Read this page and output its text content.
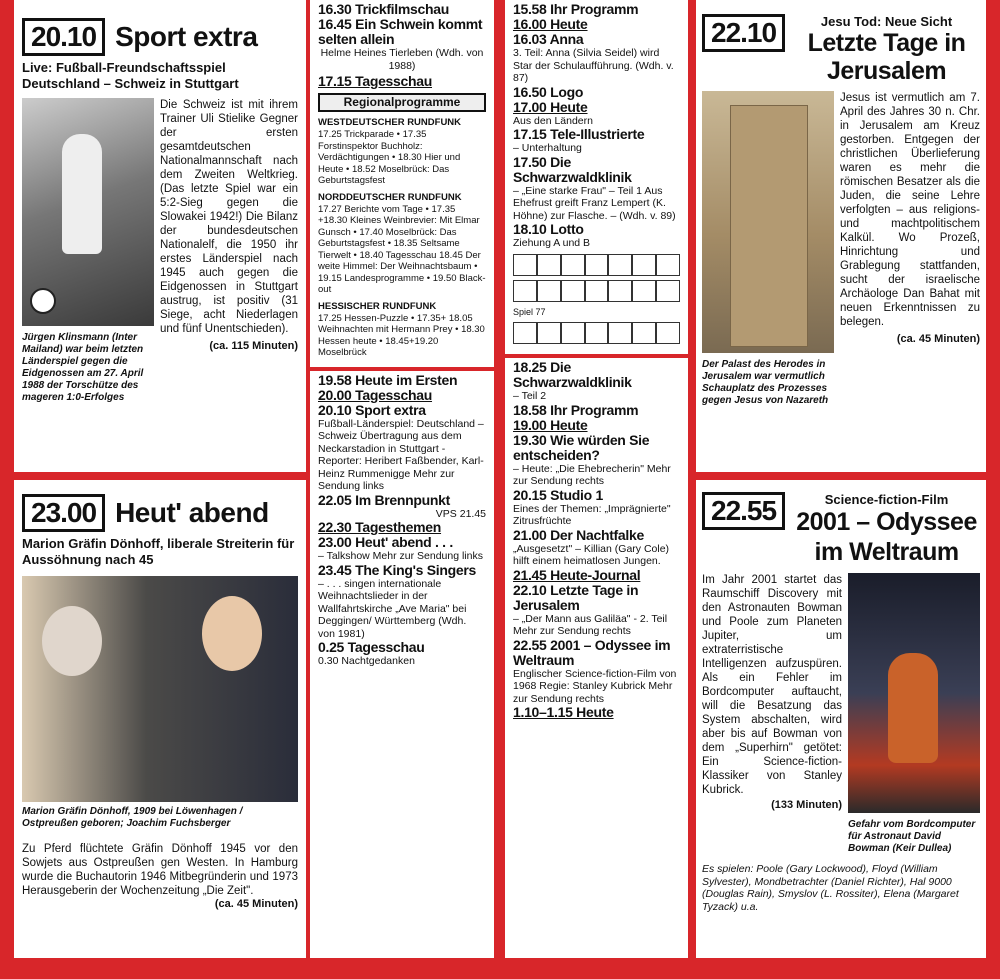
20.10 Sport extra
Live: Fußball-Freundschaftsspiel Deutschland – Schweiz in Stuttgart
Jürgen Klinsmann (Inter Mailand) war beim letzten Länderspiel gegen die Eidgenossen am 27. April 1988 der Torschütze des mageren 1:0-Erfolges
Die Schweiz ist mit ihrem Trainer Uli Stielike Gegner der ersten gesamtdeutschen Nationalmannschaft nach dem Zweiten Weltkrieg. (Das letzte Spiel war ein 5:2-Sieg gegen die Slowakei 1942!) Die Bilanz der bundesdeutschen Nationalelf, die 1950 ihr erstes Länderspiel nach 1945 auch gegen die Eidgenossen in Stuttgart austrug, ist positiv (31 Siege, acht Niederlagen und fünf Unentschieden).
(ca. 115 Minuten)
23.00 Heut' abend
Marion Gräfin Dönhoff, liberale Streiterin für Aussöhnung nach 45
Marion Gräfin Dönhoff, 1909 bei Löwenhagen / Ostpreußen geboren; Joachim Fuchsberger
Zu Pferd flüchtete Gräfin Dönhoff 1945 vor den Sowjets aus Ostpreußen gen Westen. In Hamburg wurde die Buchautorin 1946 Mitbegründerin und 1973 Herausgeberin der Wochenzeitung „Die Zeit".
(ca. 45 Minuten)
16.30 Trickfilmschau
16.45 Ein Schwein kommt selten allein
Helme Heines Tierleben (Wdh. von 1988)
17.15 Tagesschau
Regionalprogramme
WESTDEUTSCHER RUNDFUNK
17.25 Trickparade • 17.35 Forstinspektor Buchholz: Verdächtigungen • 18.30 Hier und Heute • 18.52 Moselbrück: Das Geburtstagsfest
NORDDEUTSCHER RUNDFUNK
17.27 Berichte vom Tage • 17.35 +18.30 Kleines Weinbrevier: Mit Elmar Gunsch • 17.40 Moselbrück: Das Geburtstagsfest • 18.35 Seltsame Tierwelt • 18.40 Tagesschau 18.45 Der weite Himmel: Der Weihnachtsbaum • 19.15 Landesprogramme • 19.50 Black-out
HESSISCHER RUNDFUNK
17.25 Hessen-Puzzle • 17.35+ 18.05 Weihnachten mit Hermann Prey • 18.30 Hessen heute • 18.45+19.20 Moselbrück
19.58 Heute im Ersten
20.00 Tagesschau
20.10 Sport extra
Fußball-Länderspiel: Deutschland – Schweiz Übertragung aus dem Neckarstadion in Stuttgart - Reporter: Heribert Faßbender, Karl-Heinz Rummenigge Mehr zur Sendung links
22.05 Im Brennpunkt
VPS 21.45
22.30 Tagesthemen
23.00 Heut' abend . . .
– Talkshow Mehr zur Sendung links
23.45 The King's Singers
– . . . singen internationale Weihnachtslieder in der Wallfahrtskirche „Ave Maria" bei Deggingen/ Württemberg (Wdh. von 1981)
0.25 Tagesschau
0.30 Nachtgedanken
15.58 Ihr Programm
16.00 Heute
16.03 Anna
3. Teil: Anna (Silvia Seidel) wird Star der Schulaufführung. (Wdh. v. 87)
16.50 Logo
17.00 Heute
Aus den Ländern
17.15 Tele-Illustrierte
– Unterhaltung
17.50 Die Schwarzwaldklinik
– „Eine starke Frau" – Teil 1 Aus Ehefrust greift Franz Lempert (K. Höhne) zur Flasche. – (Wdh. v. 89)
18.10 Lotto
Ziehung A und B
Spiel 77
18.25 Die Schwarzwaldklinik
– Teil 2
18.58 Ihr Programm
19.00 Heute
19.30 Wie würden Sie entscheiden?
– Heute: „Die Ehebrecherin" Mehr zur Sendung rechts
20.15 Studio 1
Eines der Themen: „Imprägnierte" Zitrusfrüchte
21.00 Der Nachtfalke
„Ausgesetzt" – Killian (Gary Cole) hilft einem heimatlosen Jungen.
21.45 Heute-Journal
22.10 Letzte Tage in Jerusalem
– „Der Mann aus Galiläa" - 2. Teil Mehr zur Sendung rechts
22.55 2001 – Odyssee im Weltraum
Englischer Science-fiction-Film von 1968 Regie: Stanley Kubrick Mehr zur Sendung rechts
1.10–1.15 Heute
22.10	Jesu Tod: Neue Sicht
Letzte Tage in Jerusalem
Der Palast des Herodes in Jerusalem war vermutlich Schauplatz des Prozesses gegen Jesus von Nazareth
Jesus ist vermutlich am 7. April des Jahres 30 n. Chr. in Jerusalem am Kreuz gestorben. Entgegen der christlichen Überlieferung waren es mehr die römischen Besatzer als die Juden, die seine Lehre verfolgten – aus religions- und machtpolitischem Kalkül. Wo Prozeß, Hinrichtung und Grablegung stattfanden, sucht der israelische Archäologe Dan Bahat mit neuen Erkenntnissen zu belegen.
(ca. 45 Minuten)
22.55	Science-fiction-Film
2001 – Odyssee im Weltraum
Im Jahr 2001 startet das Raumschiff Discovery mit den Astronauten Bowman und Poole zum Planeten Jupiter, um extraterristische Intelligenzen aufzuspüren. Als ein Fehler im Bordcomputer auftaucht, will die Besatzung das System abschalten, wird aber bis auf Bowman von dem „Superhirn" getötet: Ein Science-fiction-Klassiker von Stanley Kubrick.
(133 Minuten)
Gefahr vom Bordcomputer für Astronaut David Bowman (Keir Dullea)
Es spielen: Poole (Gary Lockwood), Floyd (William Sylvester), Mondbetrachter (Daniel Richter), Hal 9000 (Douglas Rain), Smyslov (L. Rossiter), Elena (Margaret Tyzack) u.a.
